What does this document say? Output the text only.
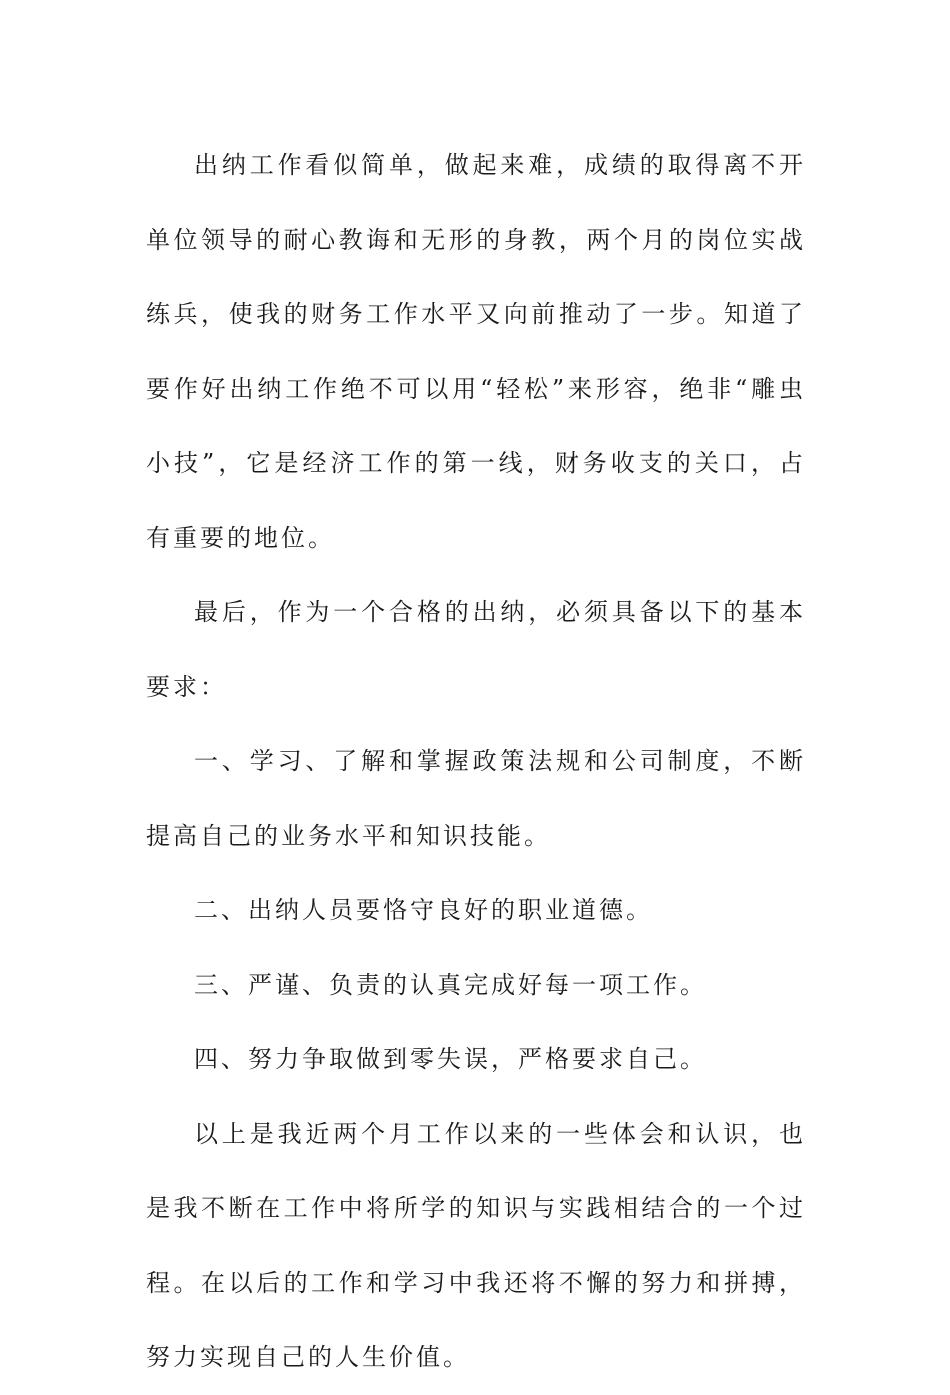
出纳工作看似简单，做起来难，成绩的取得离不开单位领导的耐心教诲和无形的身教，两个月的岗位实战练兵，使我的财务工作水平又向前推动了一步。知道了要作好出纳工作绝不可以用“轻松”来形容，绝非“雕虫小技”，它是经济工作的第一线，财务收支的关口，占有重要的地位。

最后，作为一个合格的出纳，必须具备以下的基本要求：

一、学习、了解和掌握政策法规和公司制度，不断提高自己的业务水平和知识技能。

二、出纳人员要恪守良好的职业道德。

三、严谨、负责的认真完成好每一项工作。

四、努力争取做到零失误，严格要求自己。

以上是我近两个月工作以来的一些体会和认识，也是我不断在工作中将所学的知识与实践相结合的一个过程。在以后的工作和学习中我还将不懈的努力和拼搏，努力实现自己的人生价值。
